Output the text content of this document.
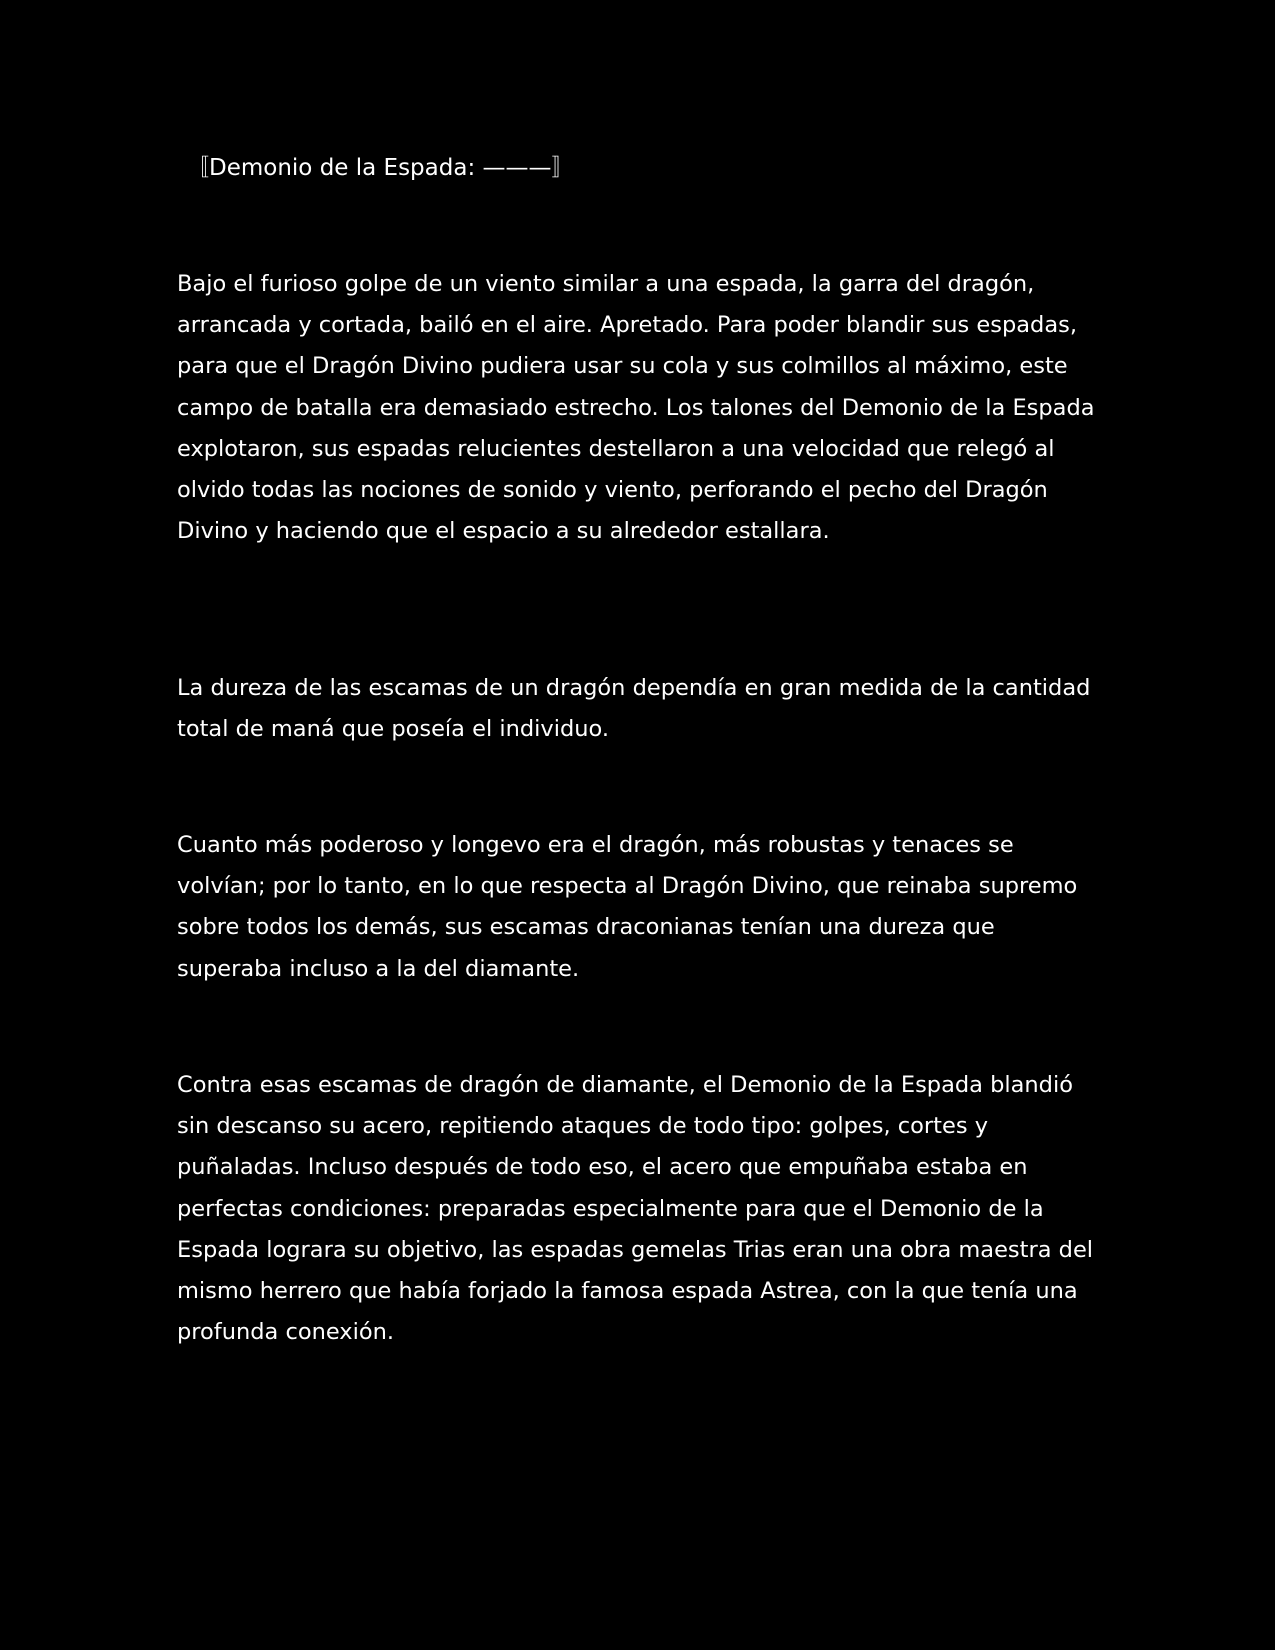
〚Demonio de la Espada: ———〛

Bajo el furioso golpe de un viento similar a una espada, la garra del dragón, arrancada y cortada, bailó en el aire. Apretado. Para poder blandir sus espadas, para que el Dragón Divino pudiera usar su cola y sus colmillos al máximo, este campo de batalla era demasiado estrecho. Los talones del Demonio de la Espada explotaron, sus espadas relucientes destellaron a una velocidad que relegó al olvido todas las nociones de sonido y viento, perforando el pecho del Dragón Divino y haciendo que el espacio a su alrededor estallara.

La dureza de las escamas de un dragón dependía en gran medida de la cantidad total de maná que poseía el individuo.

Cuanto más poderoso y longevo era el dragón, más robustas y tenaces se volvían; por lo tanto, en lo que respecta al Dragón Divino, que reinaba supremo sobre todos los demás, sus escamas draconianas tenían una dureza que superaba incluso a la del diamante.

Contra esas escamas de dragón de diamante, el Demonio de la Espada blandió sin descanso su acero, repitiendo ataques de todo tipo: golpes, cortes y puñaladas. Incluso después de todo eso, el acero que empuñaba estaba en perfectas condiciones: preparadas especialmente para que el Demonio de la Espada lograra su objetivo, las espadas gemelas Trias eran una obra maestra del mismo herrero que había forjado la famosa espada Astrea, con la que tenía una profunda conexión.
